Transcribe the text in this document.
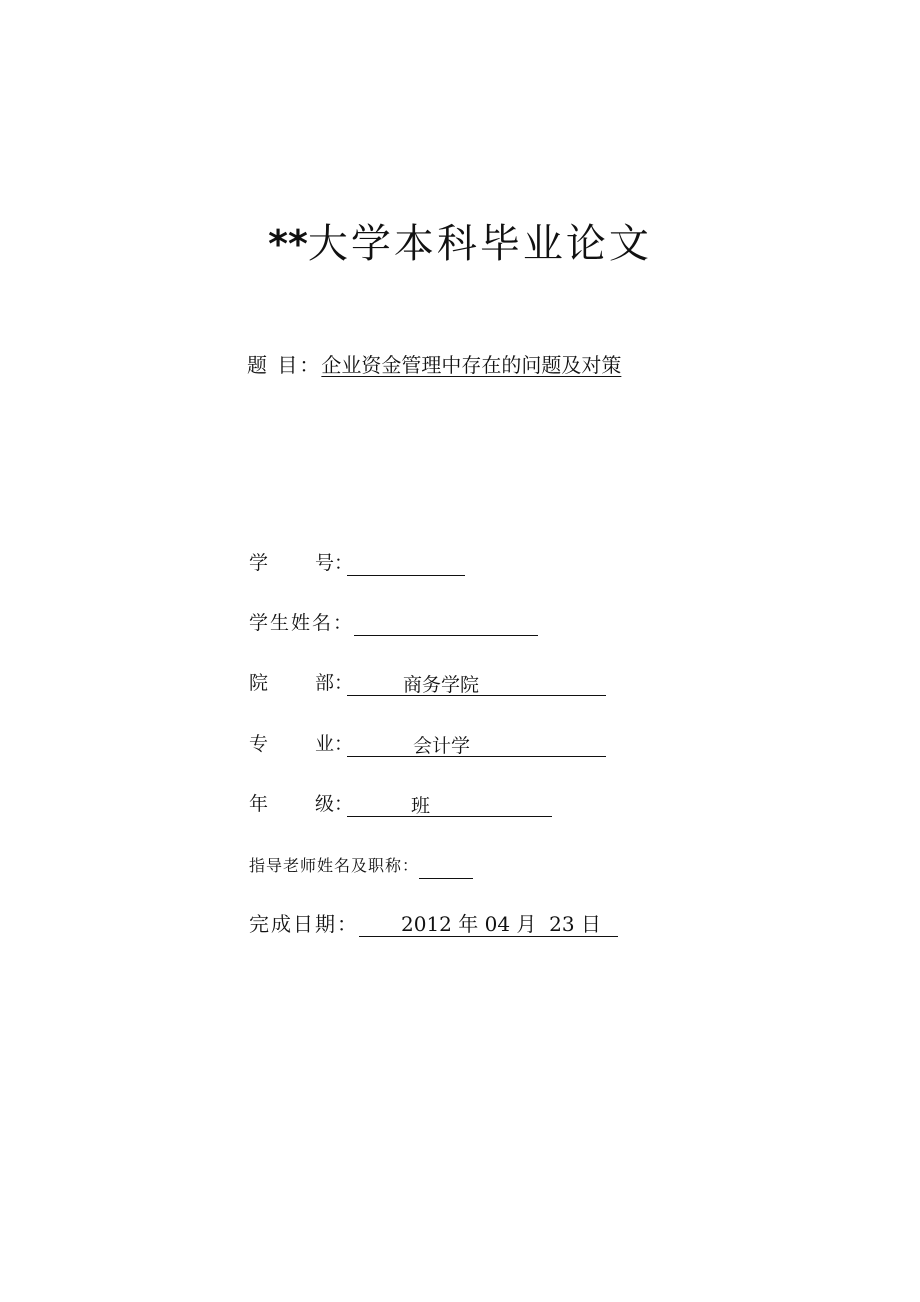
**大学本科毕业论文
题 目：企业资金管理中存在的问题及对策
学 号：
学生姓名：
院 部：	商务学院
专 业：	会计学
年 级：	班
指导老师姓名及职称：
完成日期： 2012 年 04 月  23 日
